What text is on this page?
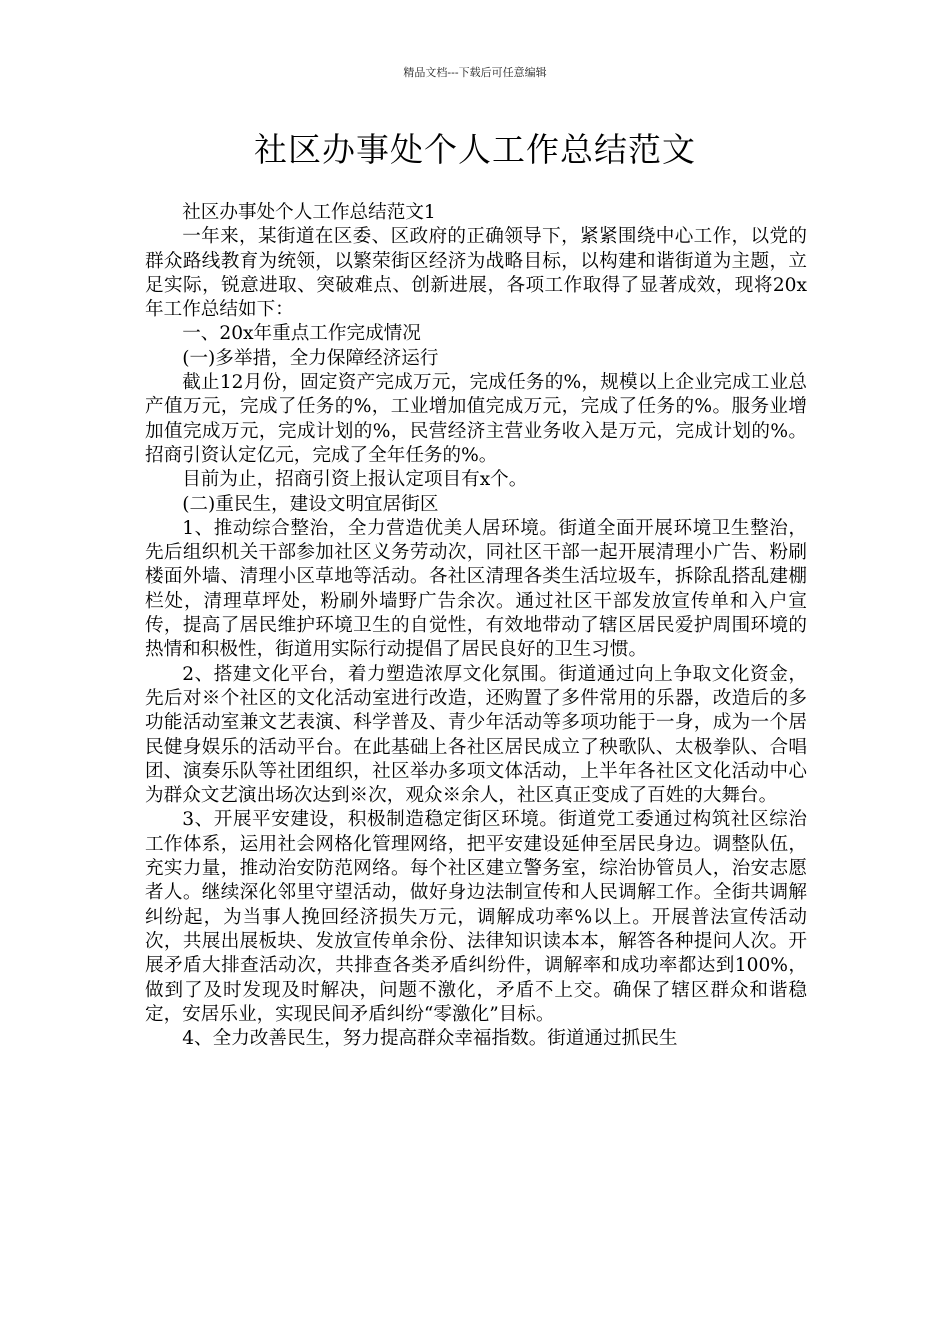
精品文档---下载后可任意编辑
社区办事处个人工作总结范文

社区办事处个人工作总结范文1

一年来，某街道在区委、区政府的正确领导下，紧紧围绕中心工作，以党的 群众路线教育为统领，以繁荣街区经济为战略目标，以构建和谐街道为主题，立足实际，锐意进取、突破难点、创新进展，各项工作取得了显著成效，现将20x年工作总结如下：

一、20x年重点工作完成情况

(一)多举措，全力保障经济运行

截止12月份，固定资产完成万元，完成任务的%，规模以上企业完成工业总产值万元，完成了任务的%，工业增加值完成万元，完成了任务的%。服务业增加值完成万元，完成计划的%，民营经济主营业务收入是万元，完成计划的%。招商引资认定亿元，完成了全年任务的%。

目前为止，招商引资上报认定项目有x个。

(二)重民生，建设文明宜居街区

1、推动综合整治，全力营造优美人居环境。街道全面开展环境卫生整治，先后组织机关干部参加社区义务劳动次，同社区干部一起开展清理小广告、粉刷楼面外墙、清理小区草地等活动。各社区清理各类生活垃圾车，拆除乱搭乱建棚栏处，清理草坪处，粉刷外墙野广告余次。通过社区干部发放宣传单和入户宣传，提高了居民维护环境卫生的自觉性，有效地带动了辖区居民爱护周围环境的热情和积极性，街道用实际行动提倡了居民良好的卫生习惯。

2、搭建文化平台，着力塑造浓厚文化氛围。街道通过向上争取文化资金，先后对※个社区的文化活动室进行改造，还购置了多件常用的乐器，改造后的多功能活动室兼文艺表演、科学普及、青少年活动等多项功能于一身，成为一个居民健身娱乐的活动平台。在此基础上各社区居民成立了秧歌队、太极拳队、合唱团、演奏乐队等社团组织，社区举办多项文体活动，上半年各社区文化活动中心为群众文艺演出场次达到※次，观众※余人，社区真正变成了百姓的大舞台。

3、开展平安建设，积极制造稳定街区环境。街道党工委通过构筑社区综治工作体系，运用社会网格化管理网络，把平安建设延伸至居民身边。调整队伍，充实力量，推动治安防范网络。每个社区建立警务室，综治协管员人，治安志愿者人。继续深化邻里守望活动，做好身边法制宣传和人民调解工作。全街共调解纠纷起，为当事人挽回经济损失万元，调解成功率%以上。开展普法宣传活动次，共展出展板块、发放宣传单余份、法律知识读本本，解答各种提问人次。开展矛盾大排查活动次，共排查各类矛盾纠纷件，调解率和成功率都达到100%，做到了及时发现及时解决，问题不激化，矛盾不上交。确保了辖区群众和谐稳定，安居乐业，实现民间矛盾纠纷“零激化”目标。

4、全力改善民生，努力提高群众幸福指数。街道通过抓民生
